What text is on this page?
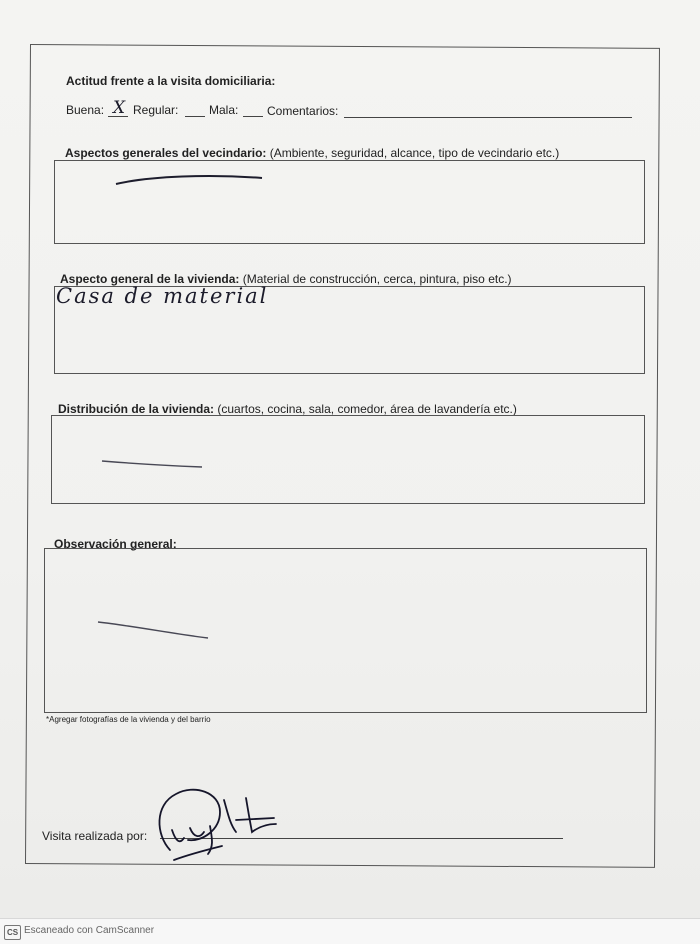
Actitud frente a la visita domiciliaria:
Buena: X Regular:	Mala: Comentarios:
Aspectos generales del vecindario: (Ambiente, seguridad, alcance, tipo de vecindario etc.)
Aspecto general de la vivienda: (Material de construcción, cerca, pintura, piso etc.)
Casa de material
Distribución de la vivienda: (cuartos, cocina, sala, comedor, área de lavandería etc.)
Observación general:
*Agregar fotografías de la vivienda y del barrio
Visita realizada por:
CS Escaneado con CamScanner
